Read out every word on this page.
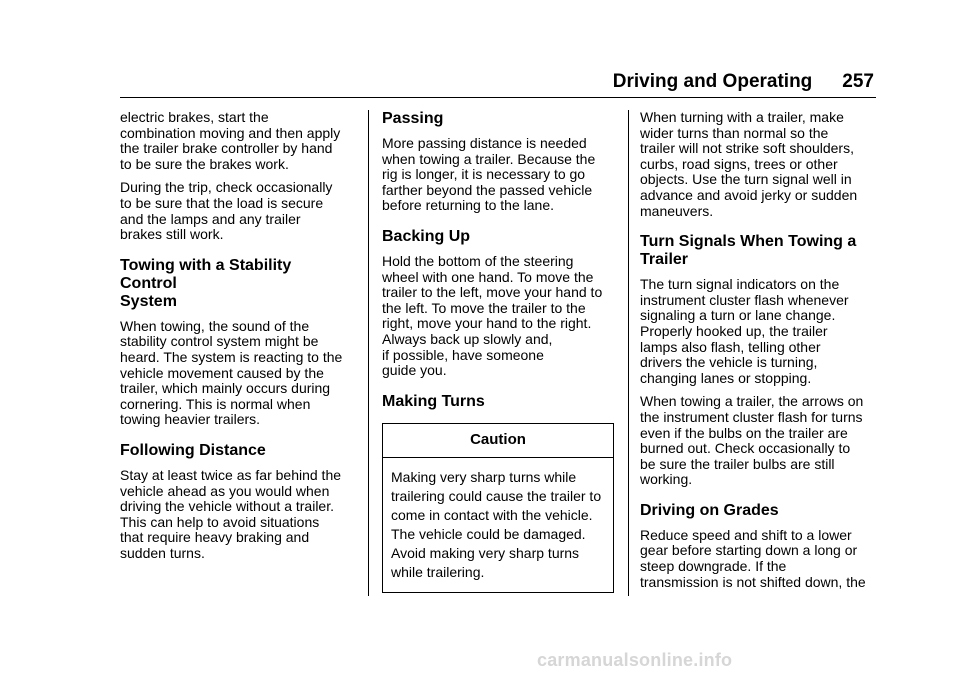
Driving and Operating 257

electric brakes, start the
combination moving and then apply
the trailer brake controller by hand
to be sure the brakes work.

During the trip, check occasionally
to be sure that the load is secure
and the lamps and any trailer
brakes still work.

Towing with a Stability Control
System

When towing, the sound of the
stability control system might be
heard. The system is reacting to the
vehicle movement caused by the
trailer, which mainly occurs during
cornering. This is normal when
towing heavier trailers.

Following Distance

Stay at least twice as far behind the
vehicle ahead as you would when
driving the vehicle without a trailer.
This can help to avoid situations
that require heavy braking and
sudden turns.

Passing

More passing distance is needed
when towing a trailer. Because the
rig is longer, it is necessary to go
farther beyond the passed vehicle
before returning to the lane.

Backing Up

Hold the bottom of the steering
wheel with one hand. To move the
trailer to the left, move your hand to
the left. To move the trailer to the
right, move your hand to the right.
Always back up slowly and,
if possible, have someone
guide you.

Making Turns
Caution
Making very sharp turns while
trailering could cause the trailer to
come in contact with the vehicle.
The vehicle could be damaged.
Avoid making very sharp turns
while trailering.

When turning with a trailer, make
wider turns than normal so the
trailer will not strike soft shoulders,
curbs, road signs, trees or other
objects. Use the turn signal well in
advance and avoid jerky or sudden
maneuvers.

Turn Signals When Towing a
Trailer

The turn signal indicators on the
instrument cluster flash whenever
signaling a turn or lane change.
Properly hooked up, the trailer
lamps also flash, telling other
drivers the vehicle is turning,
changing lanes or stopping.

When towing a trailer, the arrows on
the instrument cluster flash for turns
even if the bulbs on the trailer are
burned out. Check occasionally to
be sure the trailer bulbs are still
working.

Driving on Grades

Reduce speed and shift to a lower
gear before starting down a long or
steep downgrade. If the
transmission is not shifted down, the

carmanualsonline.info
